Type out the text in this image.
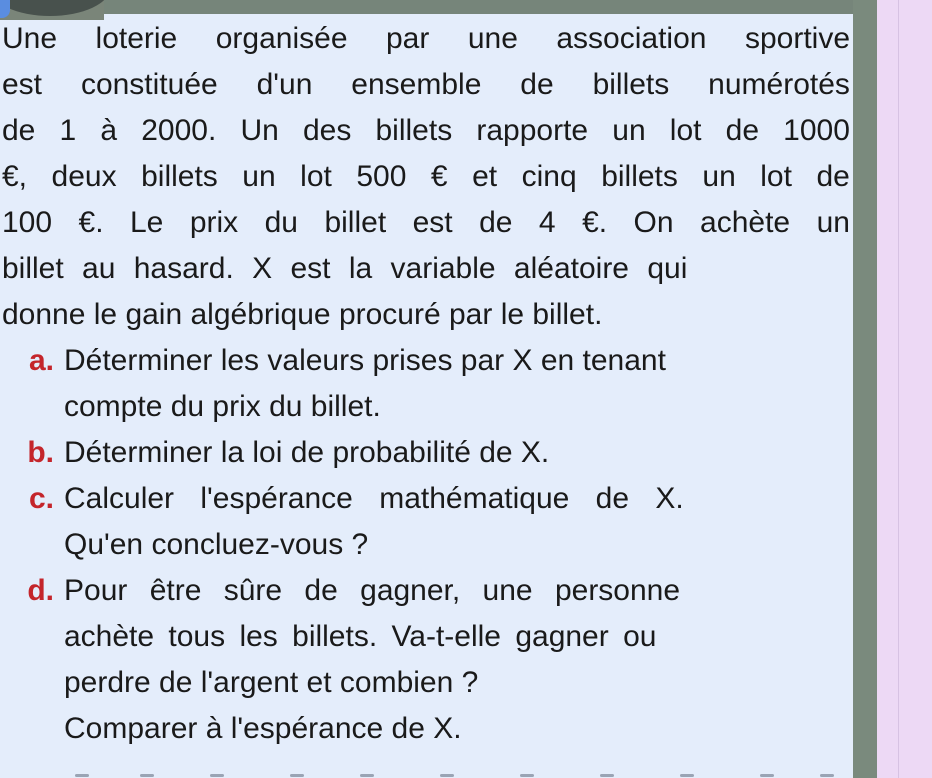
Une loterie organisée par une association sportive
est constituée d'un ensemble de billets numérotés
de 1 à 2000. Un des billets rapporte un lot de 1000
€, deux billets un lot 500 € et cinq billets un lot de
100 €. Le prix du billet est de 4 €. On achète un
billet au hasard. X est la variable aléatoire qui
donne le gain algébrique procuré par le billet.
a. Déterminer les valeurs prises par X en tenant
compte du prix du billet.
b. Déterminer la loi de probabilité de X.
c. Calculer l'espérance mathématique de X.
Qu'en concluez-vous ?
d. Pour être sûre de gagner, une personne
achète tous les billets. Va-t-elle gagner ou
perdre de l'argent et combien ?
Comparer à l'espérance de X.
